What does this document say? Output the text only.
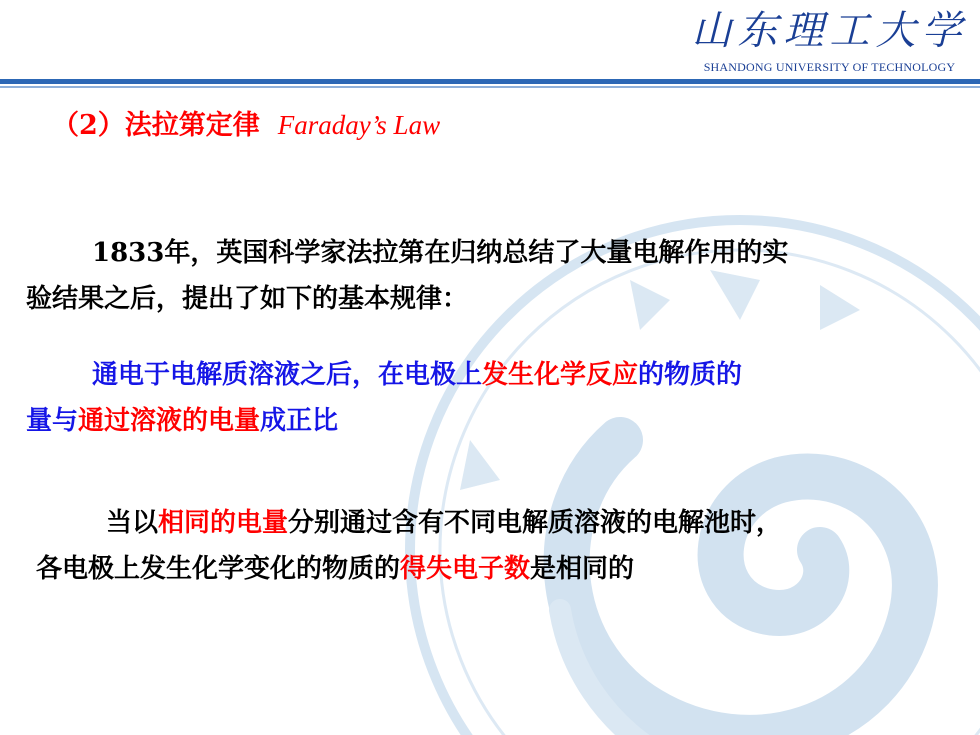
山东理工大学
SHANDONG UNIVERSITY OF TECHNOLOGY
（2）法拉第定律 Faraday’s Law
1833年，英国科学家法拉第在归纳总结了大量电解作用的实
验结果之后，提出了如下的基本规律：
通电于电解质溶液之后，在电极上发生化学反应的物质的
量与通过溶液的电量成正比
当以相同的电量分别通过含有不同电解质溶液的电解池时，
各电极上发生化学变化的物质的得失电子数是相同的
